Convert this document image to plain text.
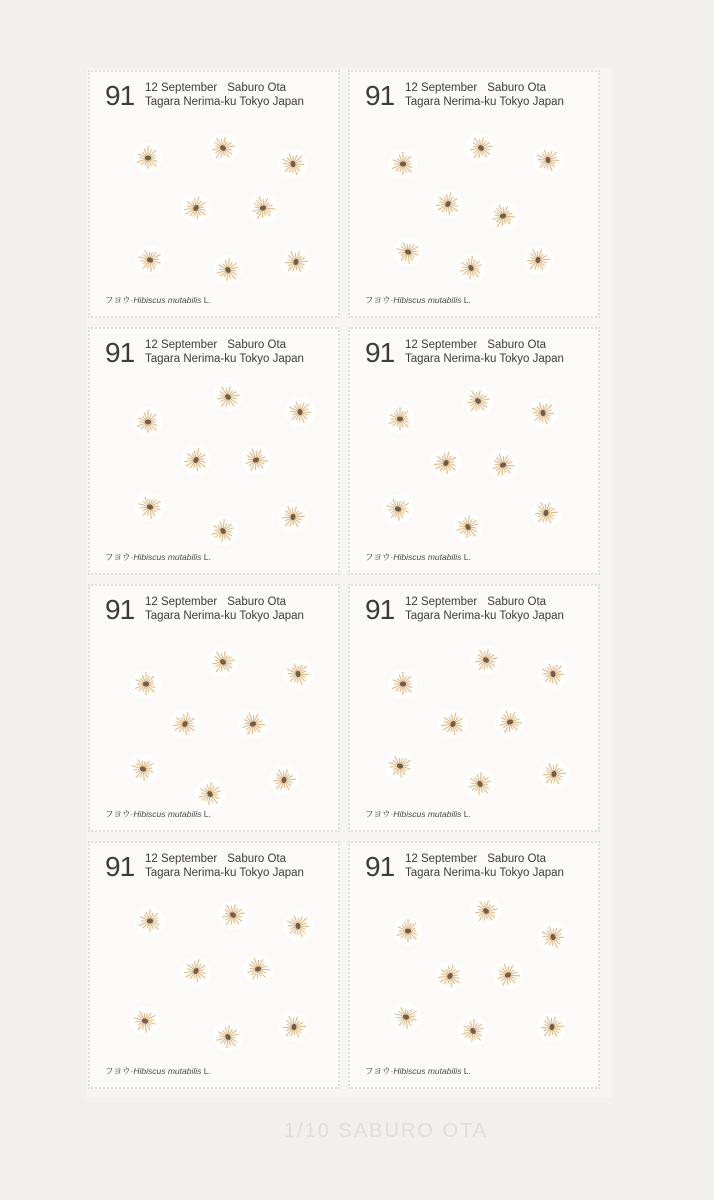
91 12 September Saburo Ota
Tagara Nerima-ku Tokyo Japan
フヨウ·Hibiscus mutabilis L.
91 12 September Saburo Ota
Tagara Nerima-ku Tokyo Japan
フヨウ·Hibiscus mutabilis L.
91 12 September Saburo Ota
Tagara Nerima-ku Tokyo Japan
フヨウ·Hibiscus mutabilis L.
91 12 September Saburo Ota
Tagara Nerima-ku Tokyo Japan
フヨウ·Hibiscus mutabilis L.
91 12 September Saburo Ota
Tagara Nerima-ku Tokyo Japan
フヨウ·Hibiscus mutabilis L.
91 12 September Saburo Ota
Tagara Nerima-ku Tokyo Japan
フヨウ·Hibiscus mutabilis L.
91 12 September Saburo Ota
Tagara Nerima-ku Tokyo Japan
フヨウ·Hibiscus mutabilis L.
91 12 September Saburo Ota
Tagara Nerima-ku Tokyo Japan
フヨウ·Hibiscus mutabilis L.
1/10 SABURO OTA
